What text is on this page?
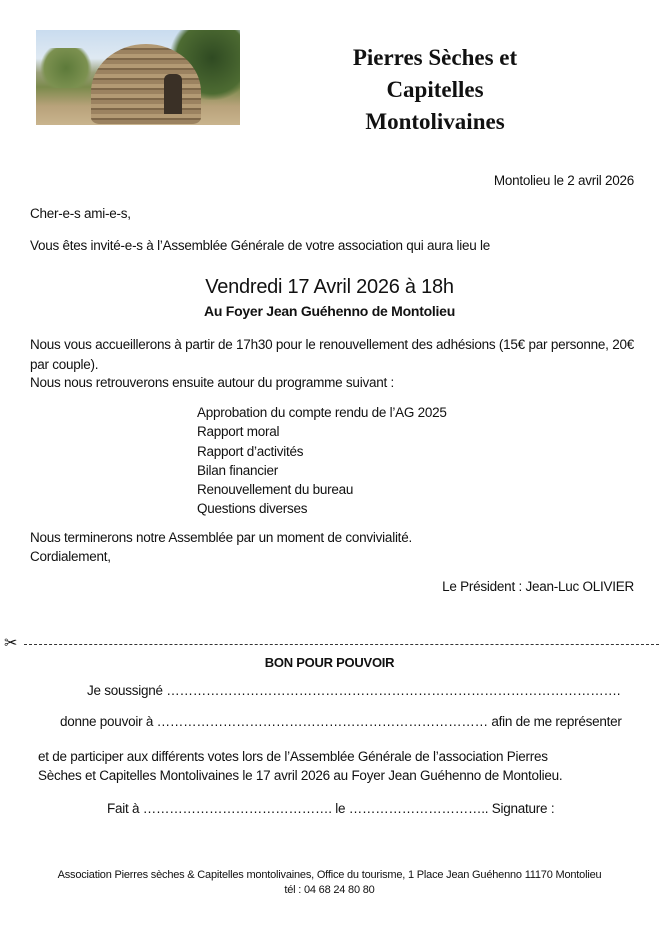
Pierres Sèches et
Capitelles
Montolivaines
Montolieu le 2 avril 2026
Cher-e-s ami-e-s,
Vous êtes invité-e-s à l’Assemblée Générale de votre association qui aura lieu le
Vendredi 17 Avril 2026 à 18h
Au Foyer Jean Guéhenno de Montolieu
Nous vous accueillerons à partir de 17h30 pour le renouvellement des adhésions (15€ par personne, 20€ par couple).
Nous nous retrouverons ensuite autour du programme suivant :
Approbation du compte rendu de l’AG 2025
Rapport moral
Rapport d’activités
Bilan financier
Renouvellement du bureau
Questions diverses
Nous terminerons notre Assemblée par un moment de convivialité.
Cordialement,
Le Président : Jean-Luc OLIVIER
✂
BON POUR POUVOIR
Je soussigné ………………………………………………………………………………………….
donne pouvoir à ………………………………………………………………… afin de me représenter
et de participer aux différents votes lors de l’Assemblée Générale de l’association Pierres
Sèches et Capitelles Montolivaines le 17 avril 2026 au Foyer Jean Guéhenno de Montolieu.
Fait à ……………………………………. le ………………………….. Signature :
Association Pierres sèches & Capitelles montolivaines, Office du tourisme, 1 Place Jean Guéhenno 11170 Montolieu
tél : 04 68 24 80 80
